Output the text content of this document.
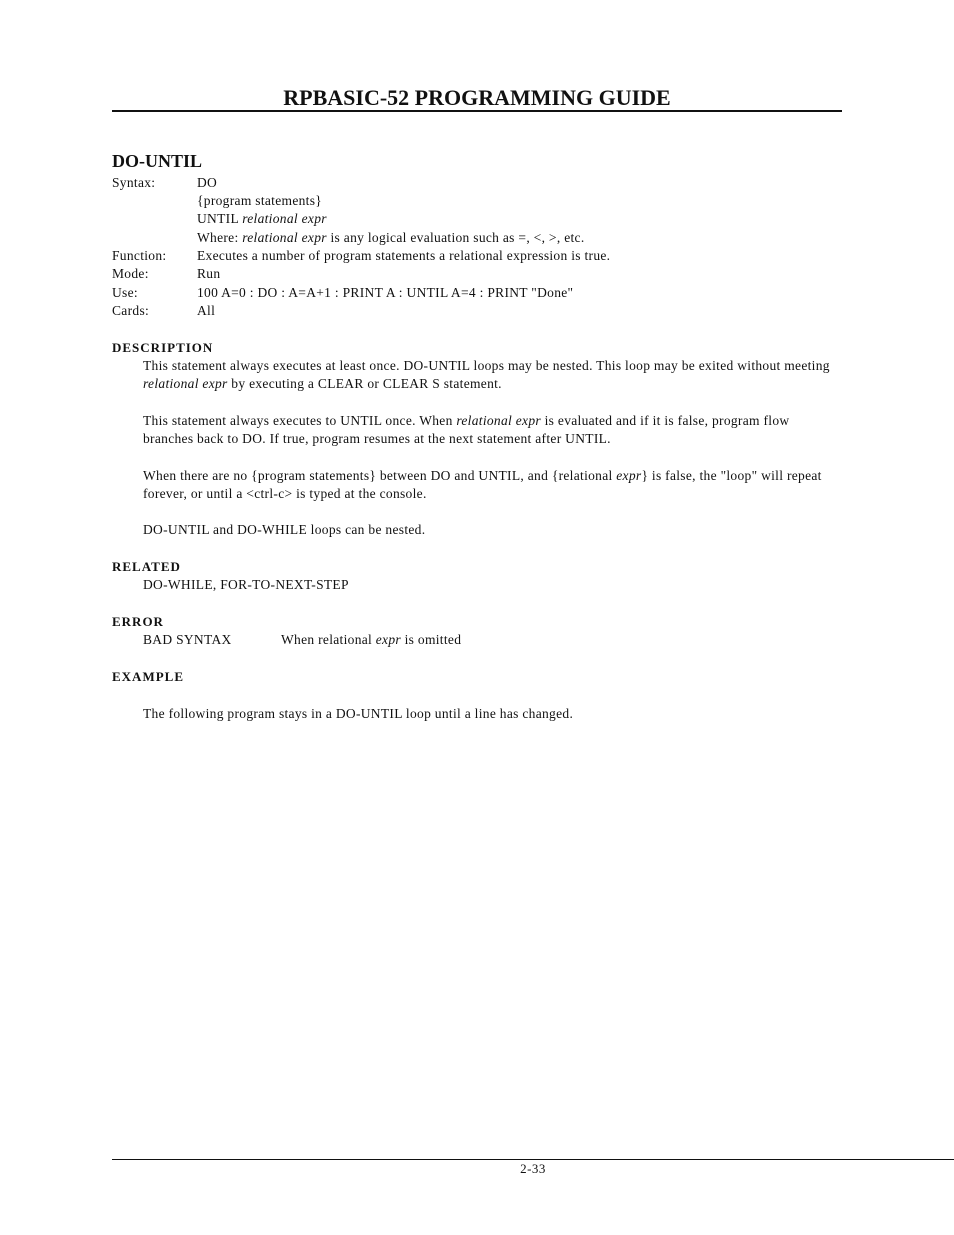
RPBASIC-52 PROGRAMMING GUIDE
DO-UNTIL
Syntax:	DO
{program statements}
UNTIL relational expr
Where: relational expr is any logical evaluation such as =, <, >, etc.
Function: Executes a number of program statements a relational expression is true.
Mode:	Run
Use:	100 A=0 : DO : A=A+1 : PRINT A : UNTIL A=4 : PRINT "Done"
Cards:	All
DESCRIPTION

This statement always executes at least once. DO-UNTIL loops may be nested. This loop may be exited without meeting relational expr by executing a CLEAR or CLEAR S statement.

This statement always executes to UNTIL once. When relational expr is evaluated and if it is false, program flow branches back to DO. If true, program resumes at the next statement after UNTIL.

When there are no {program statements} between DO and UNTIL, and {relational expr} is false, the "loop" will repeat forever, or until a <ctrl-c> is typed at the console.

DO-UNTIL and DO-WHILE loops can be nested.
RELATED
DO-WHILE, FOR-TO-NEXT-STEP
ERROR
BAD SYNTAX	When relational expr is omitted
EXAMPLE
The following program stays in a DO-UNTIL loop until a line has changed.
2-33
